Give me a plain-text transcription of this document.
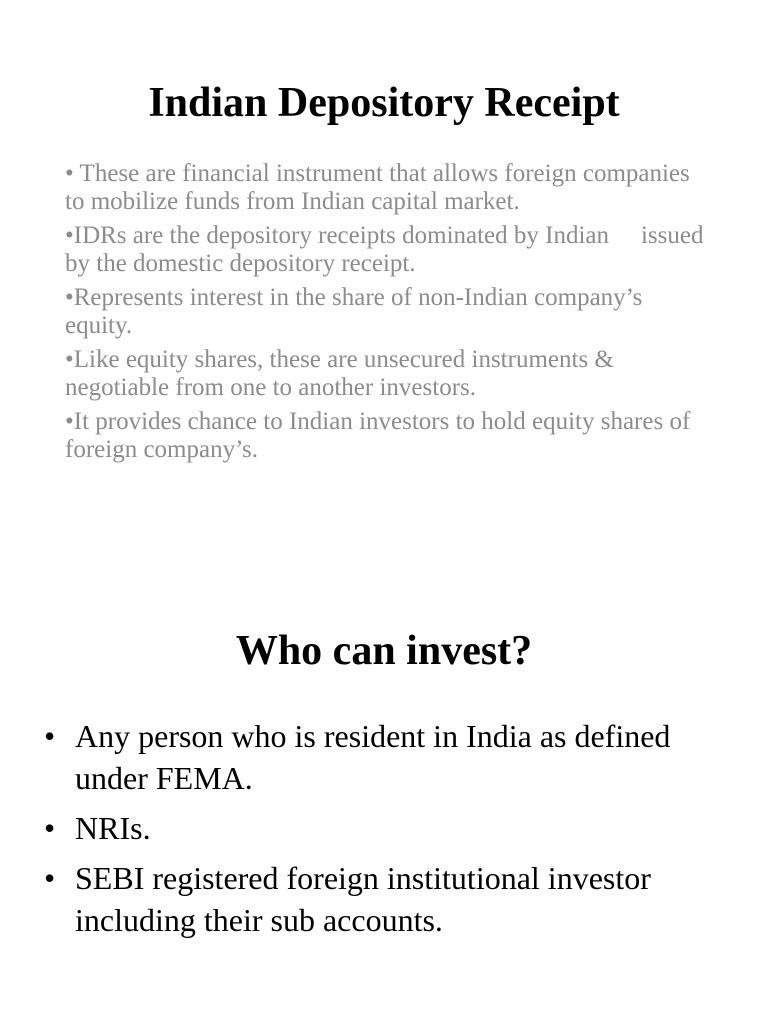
Indian Depository Receipt
• These are financial instrument that allows foreign companies to mobilize funds from Indian capital market.
•IDRs are the depository receipts dominated by Indian issued by the domestic depository receipt.
•Represents interest in the share of non-Indian company’s equity.
•Like equity shares, these are unsecured instruments & negotiable from one to another investors.
•It provides chance to Indian investors to hold equity shares of foreign company’s.
Who can invest?
• Any person who is resident in India as defined under FEMA.
• NRIs.
• SEBI registered foreign institutional investor including their sub accounts.
